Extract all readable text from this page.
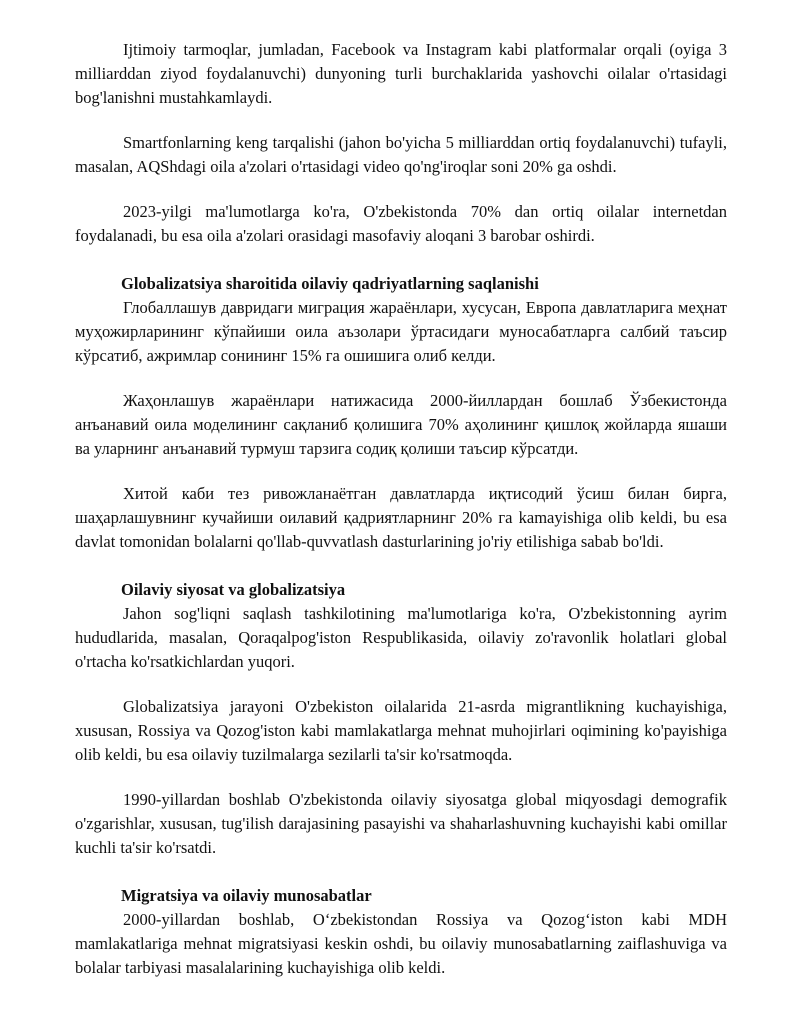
Ijtimoiy tarmoqlar, jumladan, Facebook va Instagram kabi platformalar orqali (oyiga 3 milliarddan ziyod foydalanuvchi) dunyoning turli burchaklarida yashovchi oilalar o'rtasidagi bog'lanishni mustahkamlaydi.

Smartfonlarning keng tarqalishi (jahon bo'yicha 5 milliarddan ortiq foydalanuvchi) tufayli, masalan, AQShdagi oila a'zolari o'rtasidagi video qo'ng'iroqlar soni 20% ga oshdi.

2023-yilgi ma'lumotlarga ko'ra, O'zbekistonda 70% dan ortiq oilalar internetdan foydalanadi, bu esa oila a'zolari orasidagi masofaviy aloqani 3 barobar oshirdi.

Globalizatsiya sharoitida oilaviy qadriyatlarning saqlanishi

Глобаллашув давридаги миграция жараёнлари, хусусан, Европа давлатларига меҳнат муҳожирларининг кўпайиши оила аъзолари ўртасидаги муносабатларга салбий таъсир кўрсатиб, ажримлар сонининг 15% га ошишига олиб келди.

Жаҳонлашув жараёнлари натижасида 2000-йиллардан бошлаб Ўзбекистонда анъанавий оила моделининг сақланиб қолишига 70% аҳолининг қишлоқ жойларда яшаши ва уларнинг анъанавий турмуш тарзига содиқ қолиши таъсир кўрсатди.

Хитой каби тез ривожланаётган давлатларда иқтисодий ўсиш билан бирга, шаҳарлашувнинг кучайиши оилавий қадриятларнинг 20% га kamayishiga olib keldi, bu esa davlat tomonidan bolalarni qo'llab-quvvatlash dasturlarining jo'riy etilishiga sabab bo'ldi.

Oilaviy siyosat va globalizatsiya

Jahon sog'liqni saqlash tashkilotining ma'lumotlariga ko'ra, O'zbekistonning ayrim hududlarida, masalan, Qoraqalpog'iston Respublikasida, oilaviy zo'ravonlik holatlari global o'rtacha ko'rsatkichlardan yuqori.

Globalizatsiya jarayoni O'zbekiston oilalarida 21-asrda migrantlikning kuchayishiga, xususan, Rossiya va Qozog'iston kabi mamlakatlarga mehnat muhojirlari oqimining ko'payishiga olib keldi, bu esa oilaviy tuzilmalarga sezilarli ta'sir ko'rsatmoqda.

1990-yillardan boshlab O'zbekistonda oilaviy siyosatga global miqyosdagi demografik o'zgarishlar, xususan, tug'ilish darajasining pasayishi va shaharlashuvning kuchayishi kabi omillar kuchli ta'sir ko'rsatdi.

Migratsiya va oilaviy munosabatlar

2000-yillardan boshlab, O‘zbekistondan Rossiya va Qozog‘iston kabi MDH mamlakatlariga mehnat migratsiyasi keskin oshdi, bu oilaviy munosabatlarning zaiflashuviga va bolalar tarbiyasi masalalarining kuchayishiga olib keldi.
